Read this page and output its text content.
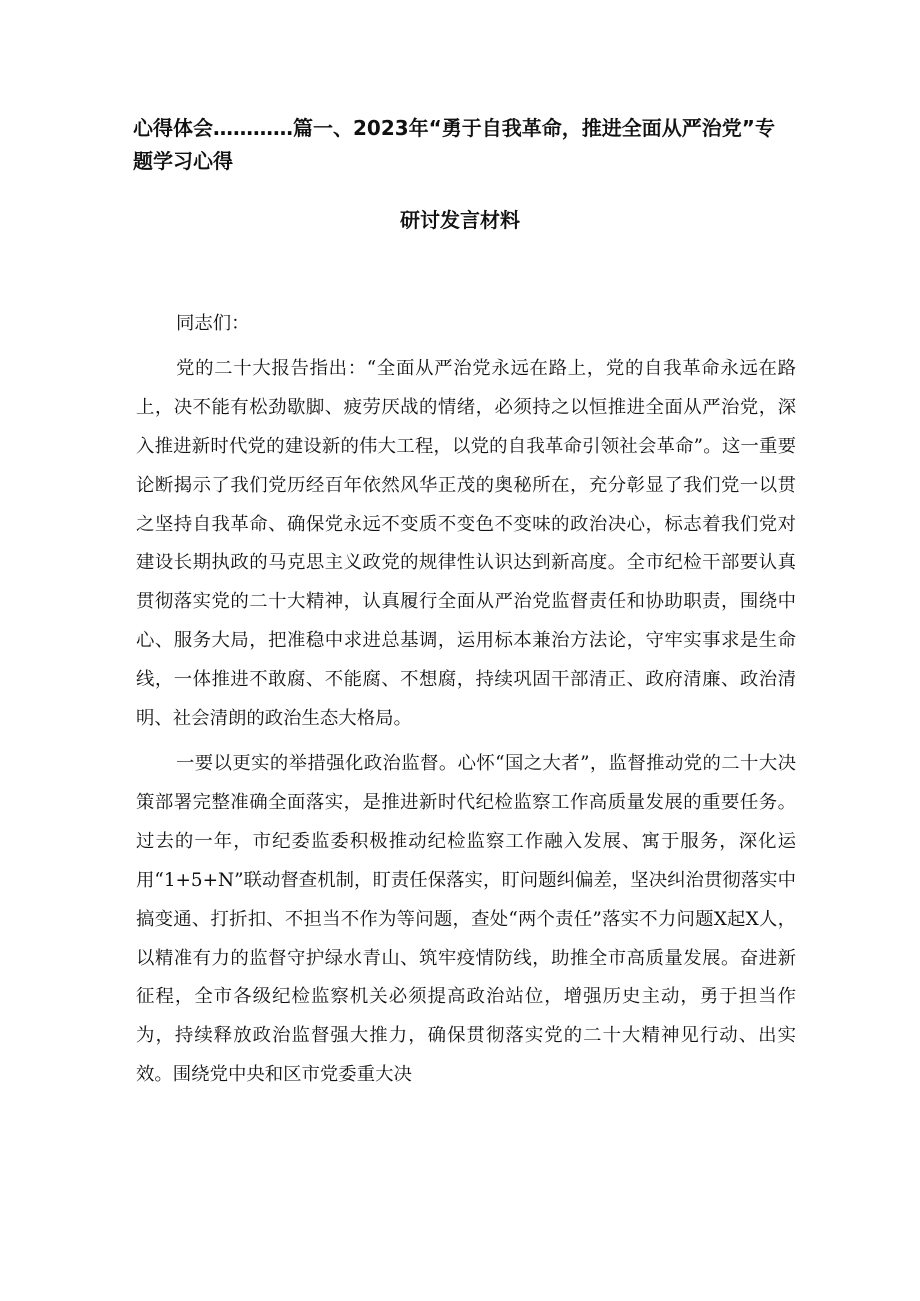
心得体会…………篇一、2023年“勇于自我革命，推进全面从严治党”专题学习心得
研讨发言材料

同志们：

党的二十大报告指出：“全面从严治党永远在路上，党的自我革命永远在路上，决不能有松劲歇脚、疲劳厌战的情绪，必须持之以恒推进全面从严治党，深入推进新时代党的建设新的伟大工程，以党的自我革命引领社会革命”。这一重要论断揭示了我们党历经百年依然风华正茂的奥秘所在，充分彰显了我们党一以贯之坚持自我革命、确保党永远不变质不变色不变味的政治决心，标志着我们党对建设长期执政的马克思主义政党的规律性认识达到新高度。全市纪检干部要认真贯彻落实党的二十大精神，认真履行全面从严治党监督责任和协助职责，围绕中心、服务大局，把准稳中求进总基调，运用标本兼治方法论，守牢实事求是生命线，一体推进不敢腐、不能腐、不想腐，持续巩固干部清正、政府清廉、政治清明、社会清朗的政治生态大格局。

一要以更实的举措强化政治监督。心怀“国之大者”，监督推动党的二十大决策部署完整准确全面落实，是推进新时代纪检监察工作高质量发展的重要任务。过去的一年，市纪委监委积极推动纪检监察工作融入发展、寓于服务，深化运用“1+5+N”联动督查机制，盯责任保落实，盯问题纠偏差，坚决纠治贯彻落实中搞变通、打折扣、不担当不作为等问题，查处“两个责任”落实不力问题X起X人，以精准有力的监督守护绿水青山、筑牢疫情防线，助推全市高质量发展。奋进新征程，全市各级纪检监察机关必须提高政治站位，增强历史主动，勇于担当作为，持续释放政治监督强大推力，确保贯彻落实党的二十大精神见行动、出实效。围绕党中央和区市党委重大决
